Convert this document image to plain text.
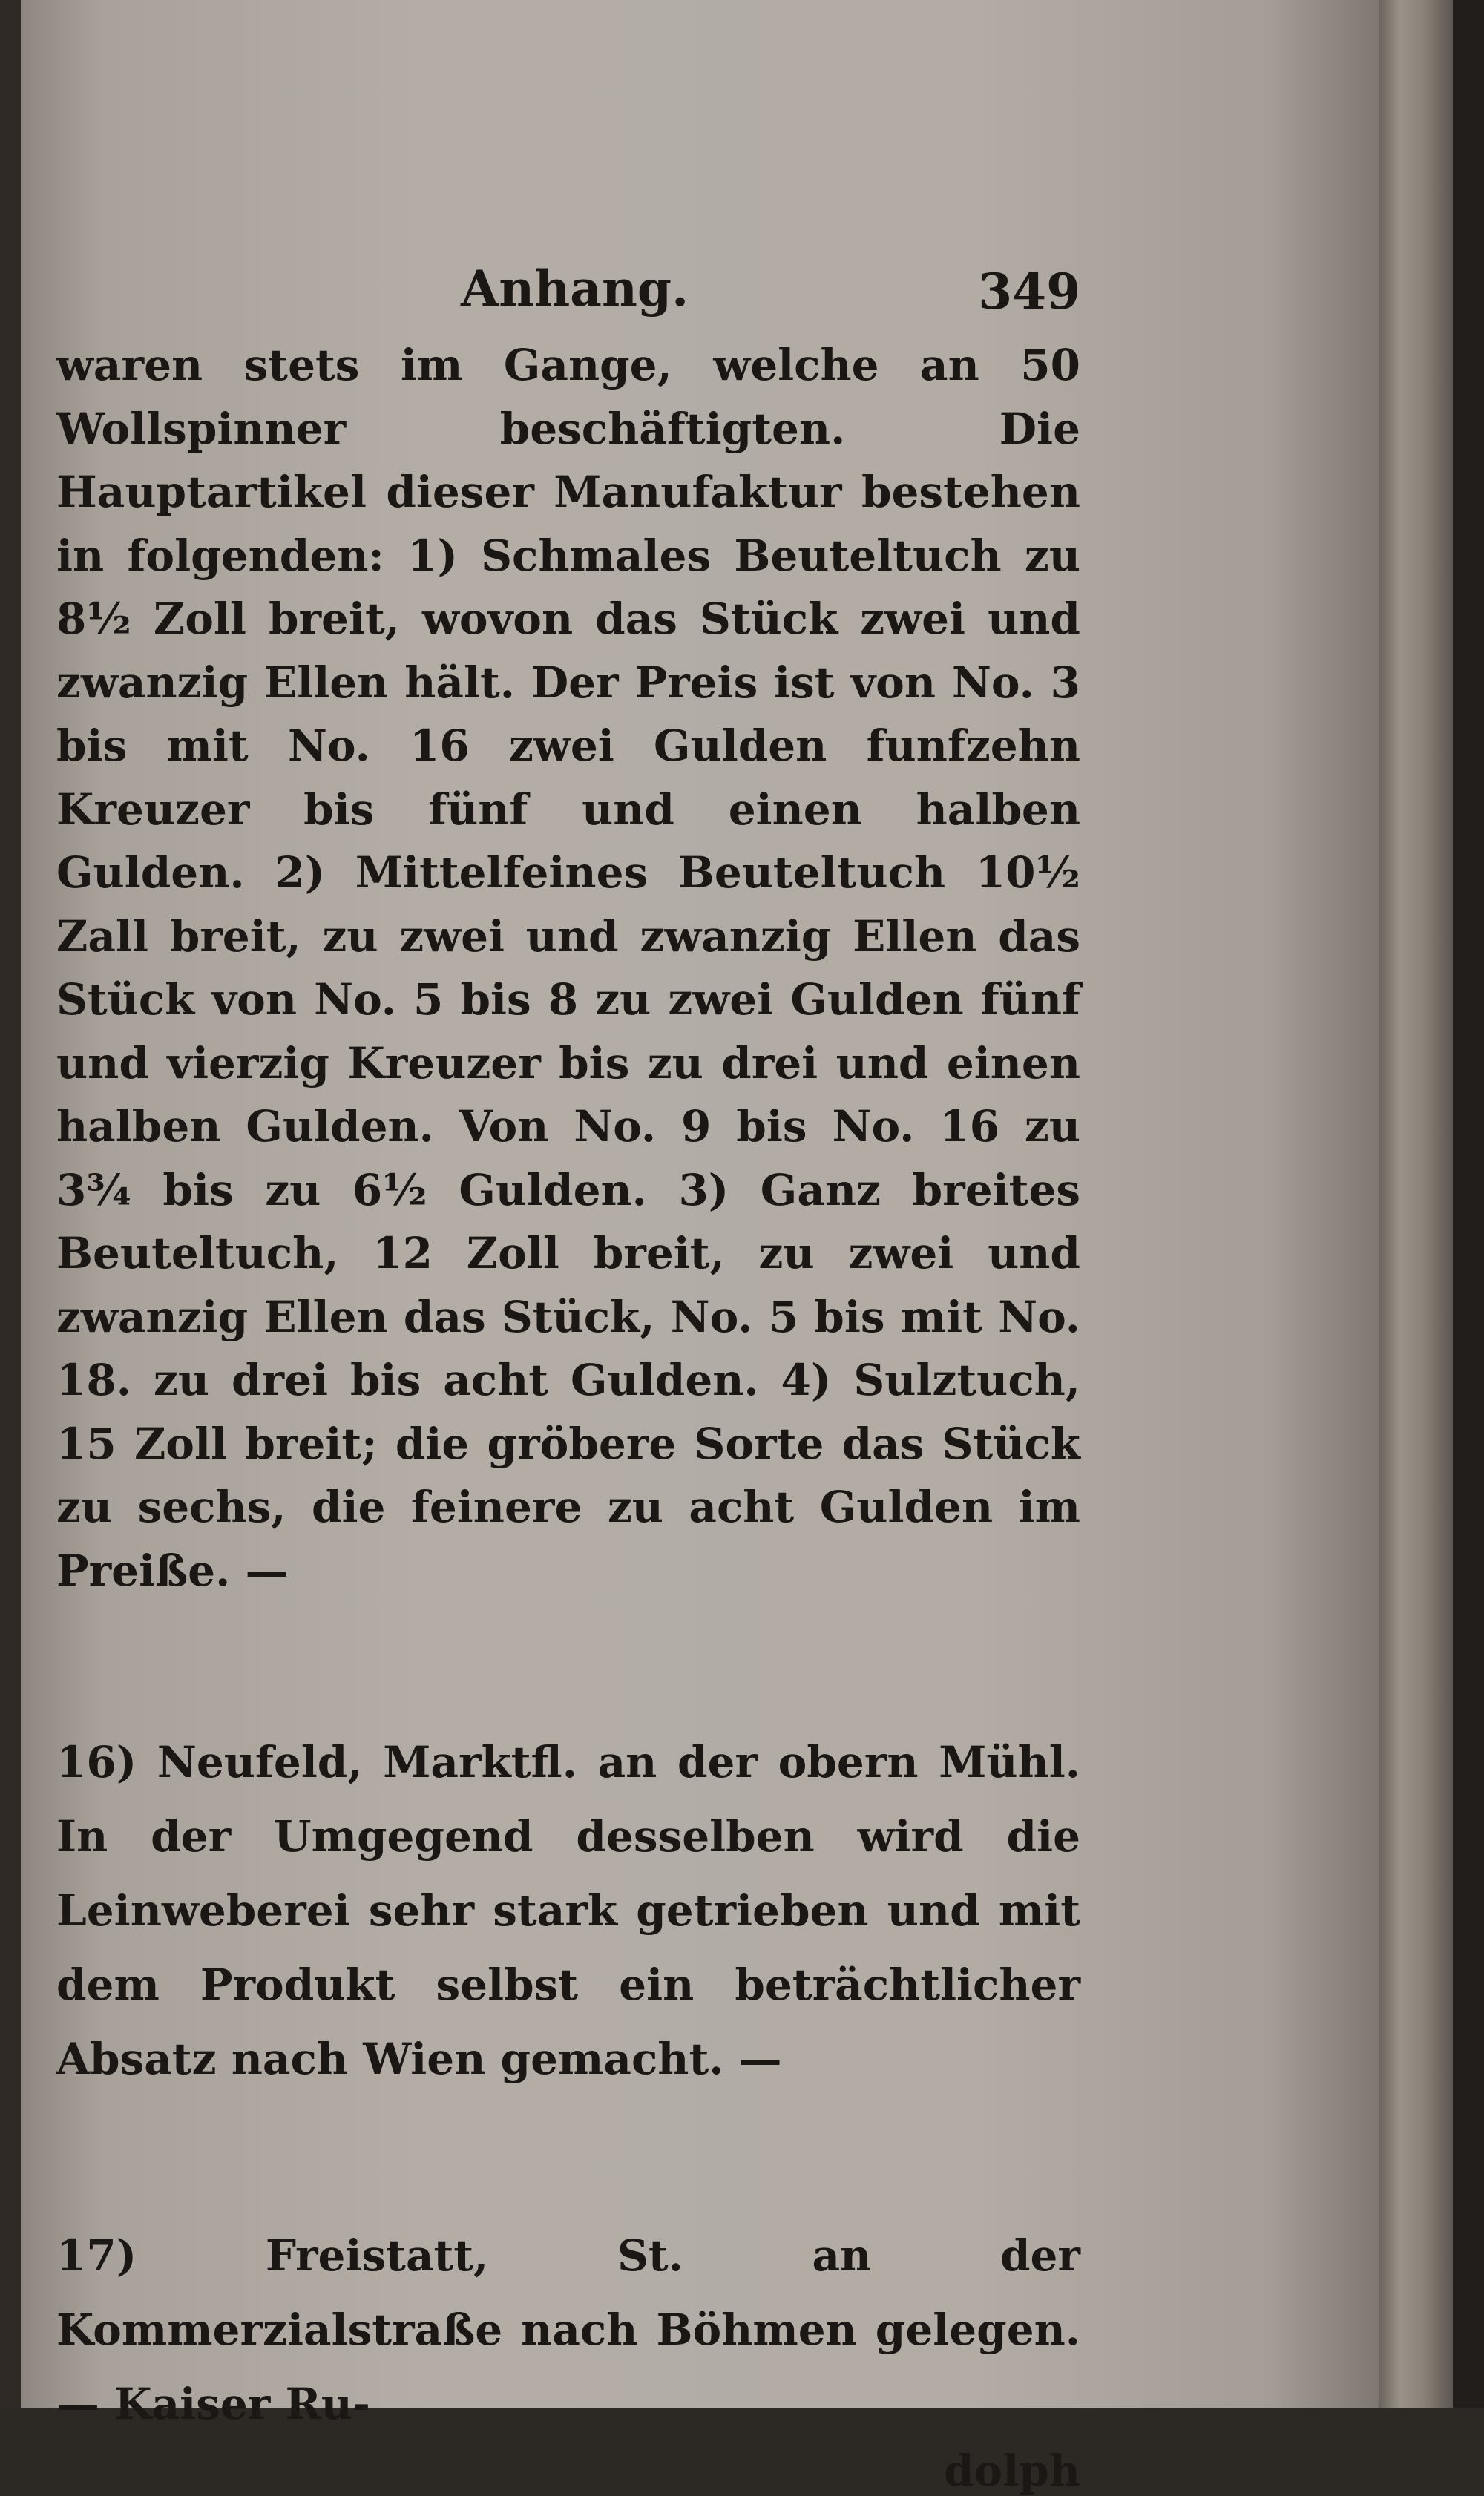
Anhang.	349

waren stets im Gange, welche an 50 Wollspinner beschäftigten. Die Hauptartikel dieser Manufaktur bestehen in folgenden: 1) Schmales Beuteltuch zu 8½ Zoll breit, wovon das Stück zwei und zwanzig Ellen hält. Der Preis ist von No. 3 bis mit No. 16 zwei Gulden funfzehn Kreuzer bis fünf und einen halben Gulden. 2) Mittelfeines Beuteltuch 10½ Zall breit, zu zwei und zwanzig Ellen das Stück von No. 5 bis 8 zu zwei Gulden fünf und vierzig Kreuzer bis zu drei und einen halben Gulden. Von No. 9 bis No. 16 zu 3¾ bis zu 6½ Gulden. 3) Ganz breites Beuteltuch, 12 Zoll breit, zu zwei und zwanzig Ellen das Stück, No. 5 bis mit No. 18. zu drei bis acht Gulden. 4) Sulztuch, 15 Zoll breit; die gröbere Sorte das Stück zu sechs, die feinere zu acht Gulden im Preiße. —

16) Neufeld, Marktfl. an der obern Mühl. In der Umgegend desselben wird die Leinweberei sehr stark getrieben und mit dem Produkt selbst ein beträchtlicher Absatz nach Wien gemacht. —

17) Freistatt, St. an der Kommerzialstraße nach Böhmen gelegen. — Kaiser Ru-

dolph
